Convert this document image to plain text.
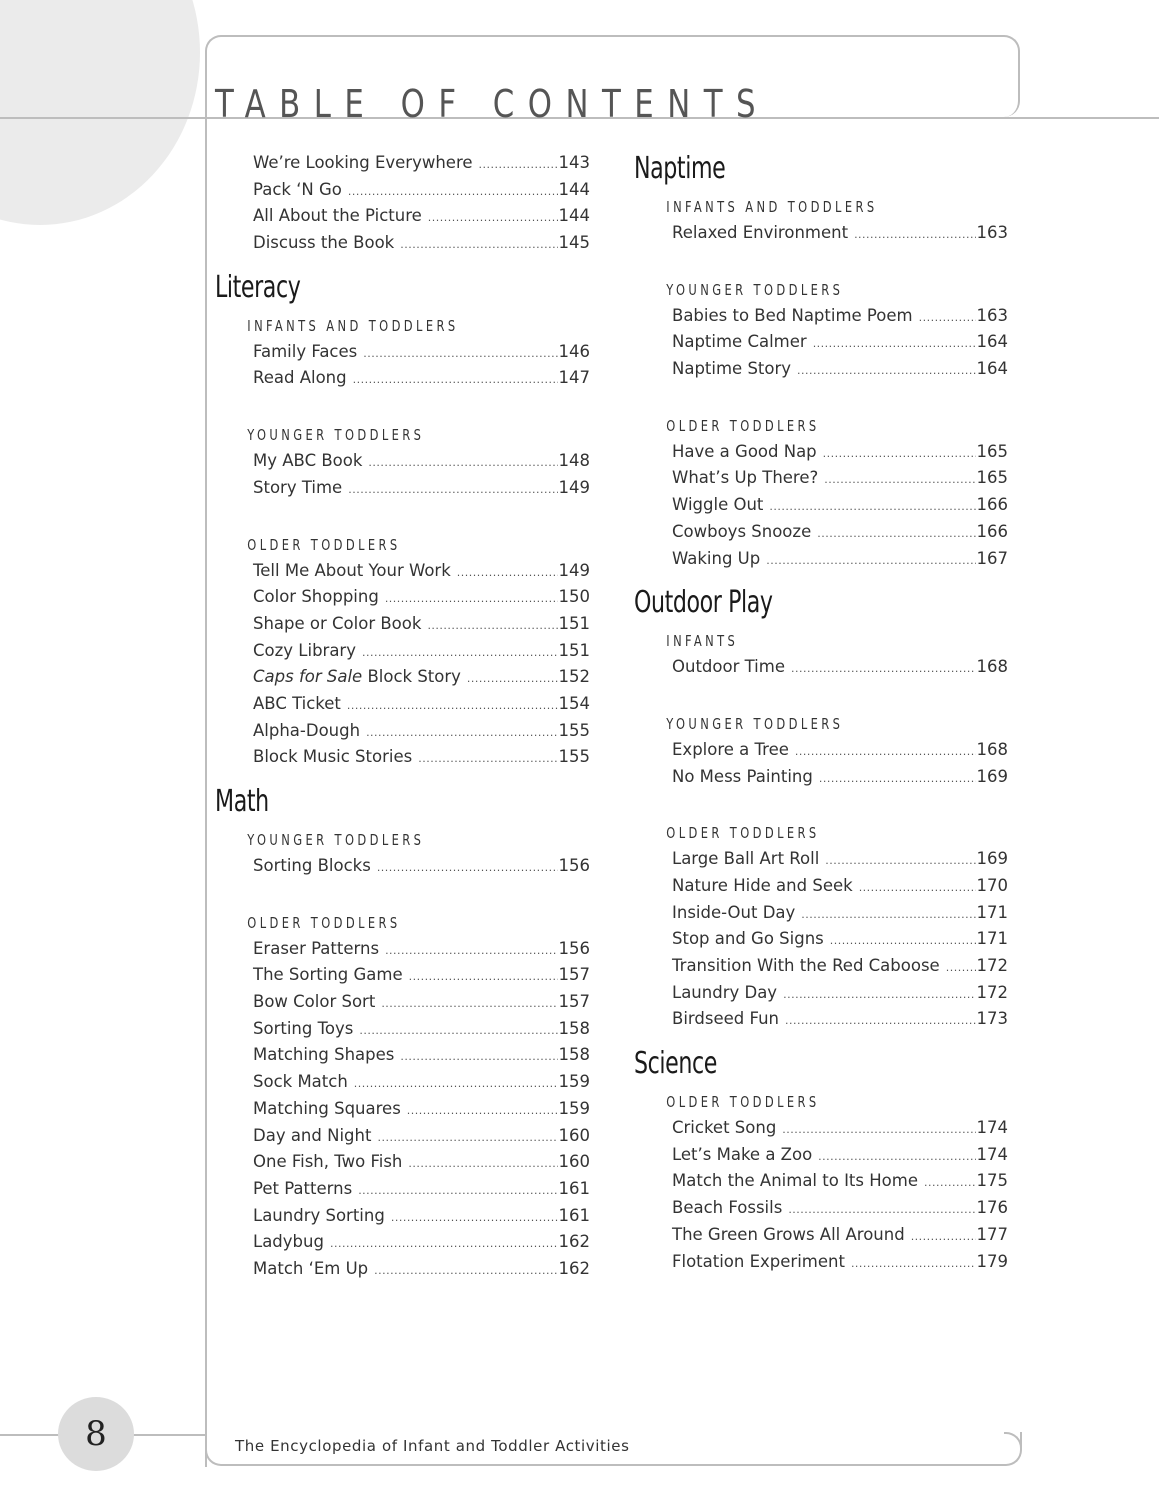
TABLE OF CONTENTS
We’re Looking Everywhere .....	143
Pack ‘N Go .....	144
All About the Picture .....	144
Discuss the Book .....	145
Literacy
INFANTS AND TODDLERS
Family Faces .....	146
Read Along .....	147
YOUNGER TODDLERS
My ABC Book .....	148
Story Time .....	149
OLDER TODDLERS
Tell Me About Your Work .....	149
Color Shopping .....	150
Shape or Color Book .....	151
Cozy Library .....	151
Caps for Sale Block Story .....	152
ABC Ticket .....	154
Alpha-Dough .....	155
Block Music Stories .....	155
Math
YOUNGER TODDLERS
Sorting Blocks .....	156
OLDER TODDLERS
Eraser Patterns .....	156
The Sorting Game .....	157
Bow Color Sort .....	157
Sorting Toys .....	158
Matching Shapes .....	158
Sock Match .....	159
Matching Squares .....	159
Day and Night .....	160
One Fish, Two Fish .....	160
Pet Patterns .....	161
Laundry Sorting .....	161
Ladybug .....	162
Match ‘Em Up .....	162
Naptime
INFANTS AND TODDLERS
Relaxed Environment .....	163
YOUNGER TODDLERS
Babies to Bed Naptime Poem .....	163
Naptime Calmer .....	164
Naptime Story .....	164
OLDER TODDLERS
Have a Good Nap .....	165
What’s Up There? .....	165
Wiggle Out .....	166
Cowboys Snooze .....	166
Waking Up .....	167
Outdoor Play
INFANTS
Outdoor Time .....	168
YOUNGER TODDLERS
Explore a Tree .....	168
No Mess Painting .....	169
OLDER TODDLERS
Large Ball Art Roll .....	169
Nature Hide and Seek .....	170
Inside-Out Day .....	171
Stop and Go Signs .....	171
Transition With the Red Caboose .....	172
Laundry Day .....	172
Birdseed Fun .....	173
Science
OLDER TODDLERS
Cricket Song .....	174
Let’s Make a Zoo .....	174
Match the Animal to Its Home .....	175
Beach Fossils .....	176
The Green Grows All Around .....	177
Flotation Experiment .....	179
8	The Encyclopedia of Infant and Toddler Activities
